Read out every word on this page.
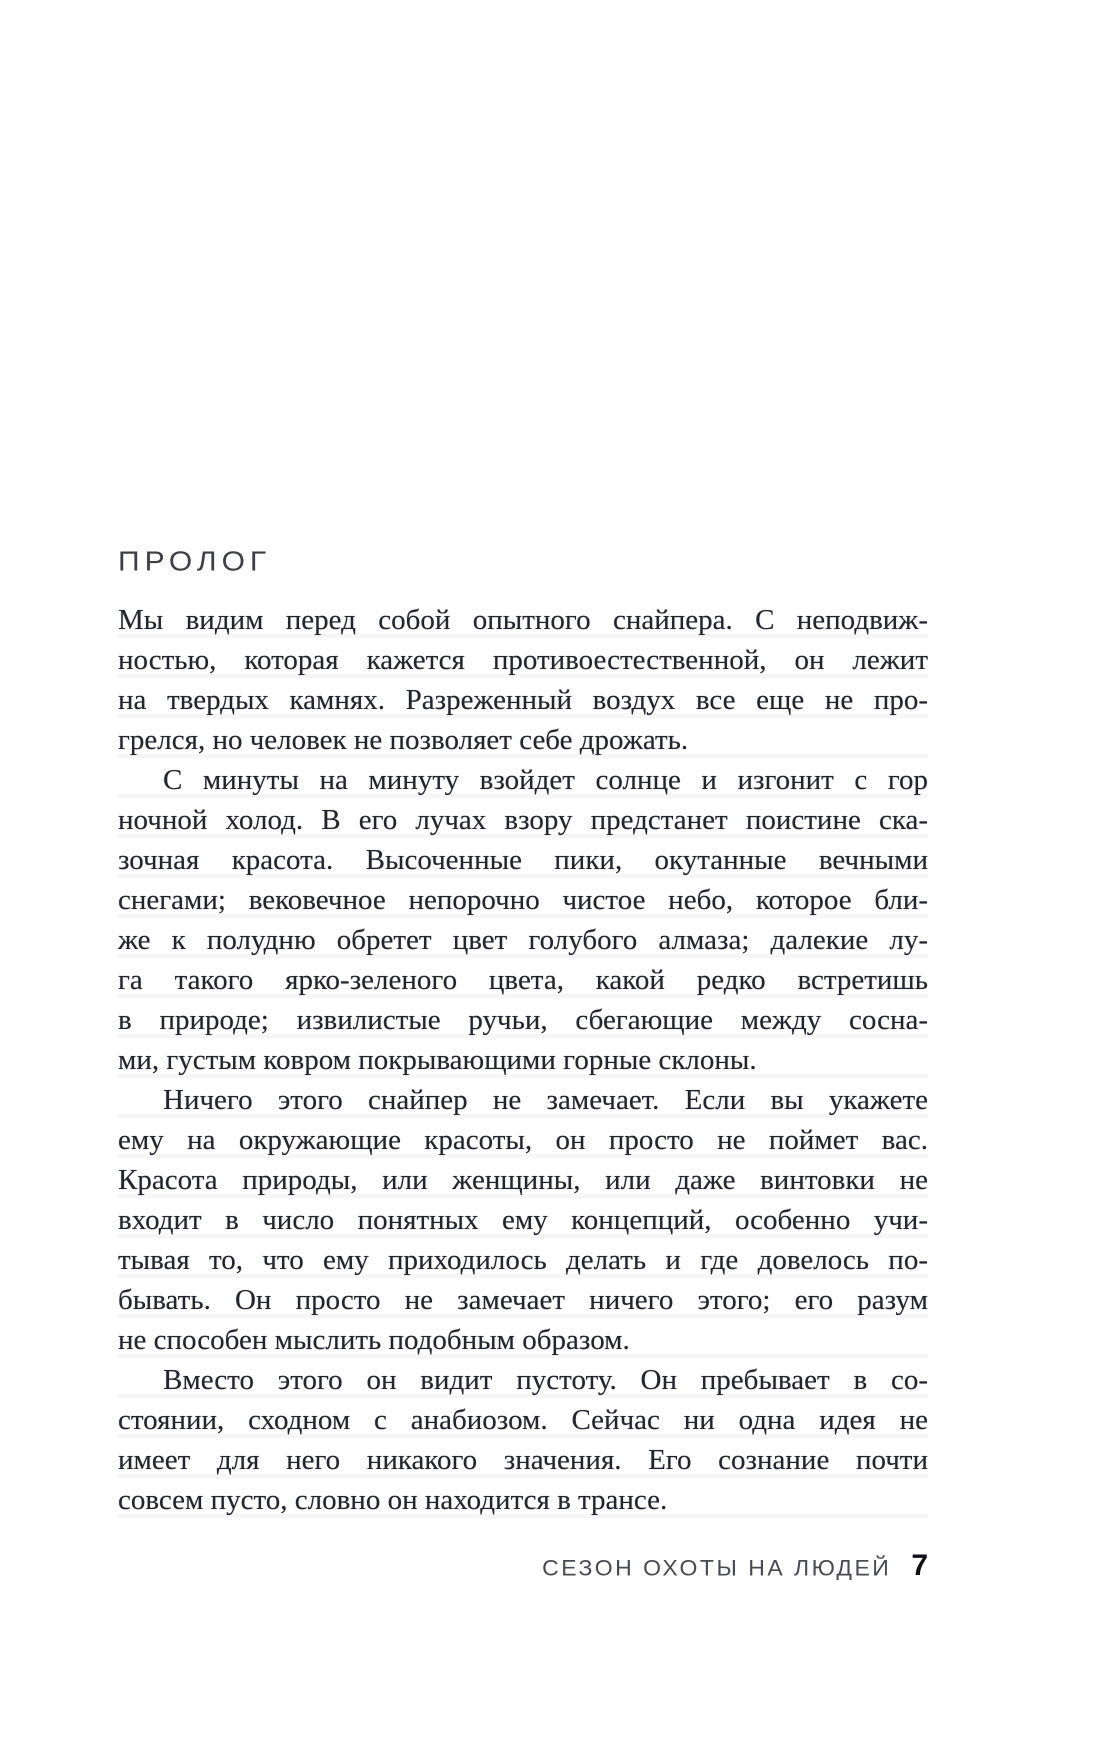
ПРОЛОГ
Мы видим перед собой опытного снайпера. С неподвиж-
ностью, которая кажется противоестественной, он лежит
на твердых камнях. Разреженный воздух все еще не про-
грелся, но человек не позволяет себе дрожать.
С минуты на минуту взойдет солнце и изгонит с гор
ночной холод. В его лучах взору предстанет поистине ска-
зочная красота. Высоченные пики, окутанные вечными
снегами; вековечное непорочно чистое небо, которое бли-
же к полудню обретет цвет голубого алмаза; далекие лу-
га такого ярко-зеленого цвета, какой редко встретишь
в природе; извилистые ручьи, сбегающие между сосна-
ми, густым ковром покрывающими горные склоны.
Ничего этого снайпер не замечает. Если вы укажете
ему на окружающие красоты, он просто не поймет вас.
Красота природы, или женщины, или даже винтовки не
входит в число понятных ему концепций, особенно учи-
тывая то, что ему приходилось делать и где довелось по-
бывать. Он просто не замечает ничего этого; его разум
не способен мыслить подобным образом.
Вместо этого он видит пустоту. Он пребывает в со-
стоянии, сходном с анабиозом. Сейчас ни одна идея не
имеет для него никакого значения. Его сознание почти
совсем пусто, словно он находится в трансе.
СЕЗОН ОХОТЫ НА ЛЮДЕЙ 7
